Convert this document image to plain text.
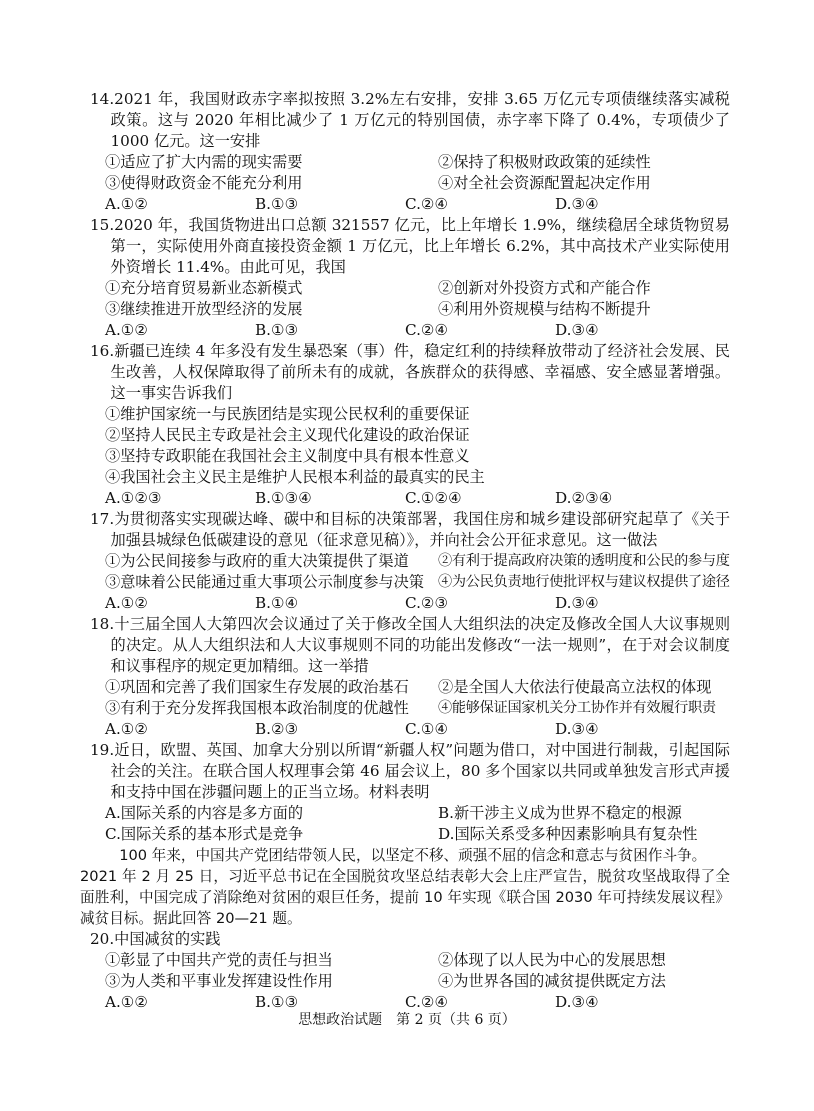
14.2021 年，我国财政赤字率拟按照 3.2%左右安排，安排 3.65 万亿元专项债继续落实减税政策。这与 2020 年相比减少了 1 万亿元的特别国债，赤字率下降了 0.4%，专项债少了 1000 亿元。这一安排
①适应了扩大内需的现实需要	②保持了积极财政政策的延续性
③使得财政资金不能充分利用	④对全社会资源配置起决定作用
A.①②	B.①③	C.②④	D.③④
15.2020 年，我国货物进出口总额 321557 亿元，比上年增长 1.9%，继续稳居全球货物贸易第一，实际使用外商直接投资金额 1 万亿元，比上年增长 6.2%，其中高技术产业实际使用外资增长 11.4%。由此可见，我国
①充分培育贸易新业态新模式	②创新对外投资方式和产能合作
③继续推进开放型经济的发展	④利用外资规模与结构不断提升
A.①②	B.①③	C.②④	D.③④
16.新疆已连续 4 年多没有发生暴恐案（事）件，稳定红利的持续释放带动了经济社会发展、民生改善，人权保障取得了前所未有的成就，各族群众的获得感、幸福感、安全感显著增强。这一事实告诉我们
①维护国家统一与民族团结是实现公民权利的重要保证
②坚持人民民主专政是社会主义现代化建设的政治保证
③坚持专政职能在我国社会主义制度中具有根本性意义
④我国社会主义民主是维护人民根本利益的最真实的民主
A.①②③	B.①③④	C.①②④	D.②③④
17.为贯彻落实实现碳达峰、碳中和目标的决策部署，我国住房和城乡建设部研究起草了《关于加强县城绿色低碳建设的意见（征求意见稿）》，并向社会公开征求意见。这一做法
①为公民间接参与政府的重大决策提供了渠道	②有利于提高政府决策的透明度和公民的参与度
③意味着公民能通过重大事项公示制度参与决策 ④为公民负责地行使批评权与建议权提供了途径
A.①②	B.①④	C.②③	D.③④
18.十三届全国人大第四次会议通过了关于修改全国人大组织法的决定及修改全国人大议事规则的决定。从人大组织法和人大议事规则不同的功能出发修改“一法一规则”，在于对会议制度和议事程序的规定更加精细。这一举措
①巩固和完善了我们国家生存发展的政治基石	②是全国人大依法行使最高立法权的体现
③有利于充分发挥我国根本政治制度的优越性	④能够保证国家机关分工协作并有效履行职责
A.①②	B.②③	C.①④	D.③④
19.近日，欧盟、英国、加拿大分别以所谓“新疆人权”问题为借口，对中国进行制裁，引起国际社会的关注。在联合国人权理事会第 46 届会议上，80 多个国家以共同或单独发言形式声援和支持中国在涉疆问题上的正当立场。材料表明
A.国际关系的内容是多方面的	B.新干涉主义成为世界不稳定的根源
C.国际关系的基本形式是竞争	D.国际关系受多种因素影响具有复杂性
100 年来，中国共产党团结带领人民，以坚定不移、顽强不屈的信念和意志与贫困作斗争。
2021 年 2 月 25 日，习近平总书记在全国脱贫攻坚总结表彰大会上庄严宣告，脱贫攻坚战取得了全面胜利，中国完成了消除绝对贫困的艰巨任务，提前 10 年实现《联合国 2030 年可持续发展议程》减贫目标。据此回答 20—21 题。
20.中国减贫的实践
①彰显了中国共产党的责任与担当	②体现了以人民为中心的发展思想
③为人类和平事业发挥建设性作用	④为世界各国的减贫提供既定方法
A.①②	B.①③	C.②④	D.③④
思想政治试题　第 2 页（共 6 页）
